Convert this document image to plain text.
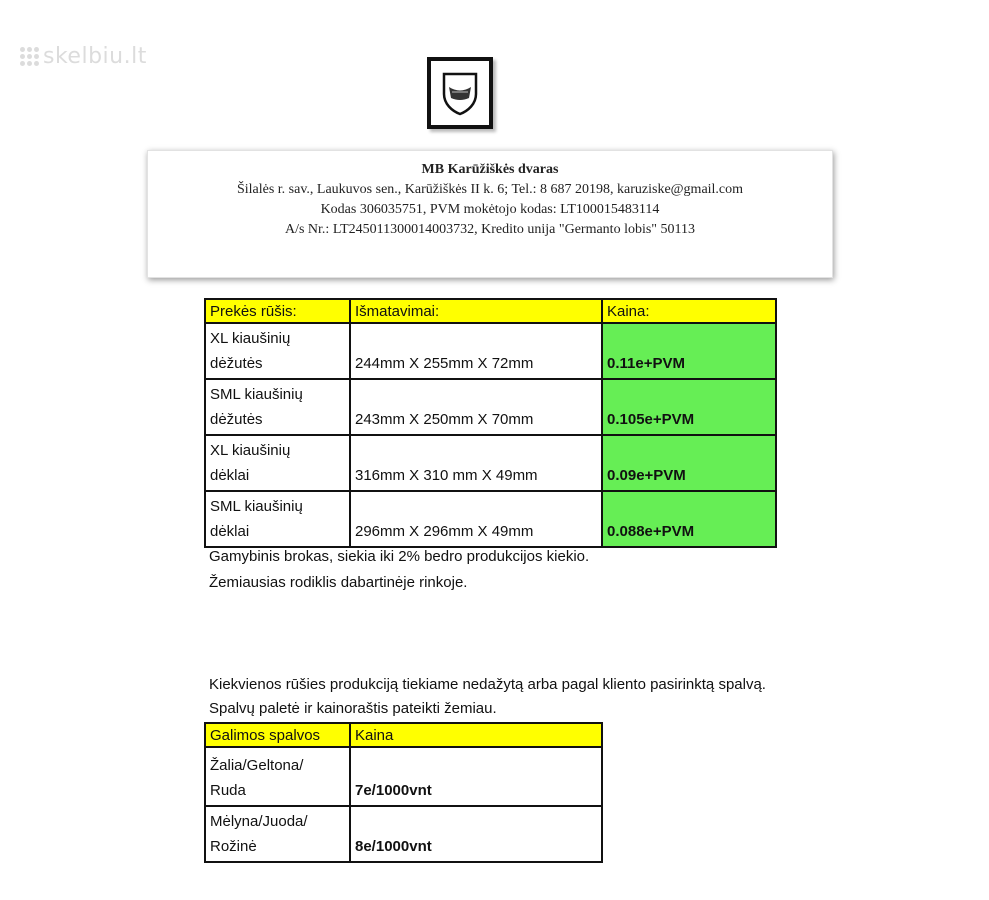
skelbiu.lt
MB Karūžiškės dvaras
Šilalės r. sav., Laukuvos sen., Karūžiškės II k. 6; Tel.: 8 687 20198, karuziske@gmail.com
Kodas 306035751, PVM mokėtojo kodas: LT100015483114
A/s Nr.: LT245011300014003732, Kredito unija "Germanto lobis" 50113
Prekės rūšis:	Išmatavimai:	Kaina:
XL kiaušinių
dėžutės	244mm X 255mm X 72mm	0.11e+PVM
SML kiaušinių
dėžutės	243mm X 250mm X 70mm	0.105e+PVM
XL kiaušinių
dėklai	316mm X 310 mm X 49mm	0.09e+PVM
SML kiaušinių
dėklai	296mm X 296mm X 49mm	0.088e+PVM
Gamybinis brokas, siekia iki 2% bedro produkcijos kiekio.
Žemiausias rodiklis dabartinėje rinkoje.
Kiekvienos rūšies produkciją tiekiame nedažytą arba pagal kliento pasirinktą spalvą.
Spalvų paletė ir kainoraštis pateikti žemiau.
Galimos spalvos	Kaina
Žalia/Geltona/
Ruda	7e/1000vnt
Mėlyna/Juoda/
Rožinė	8e/1000vnt
